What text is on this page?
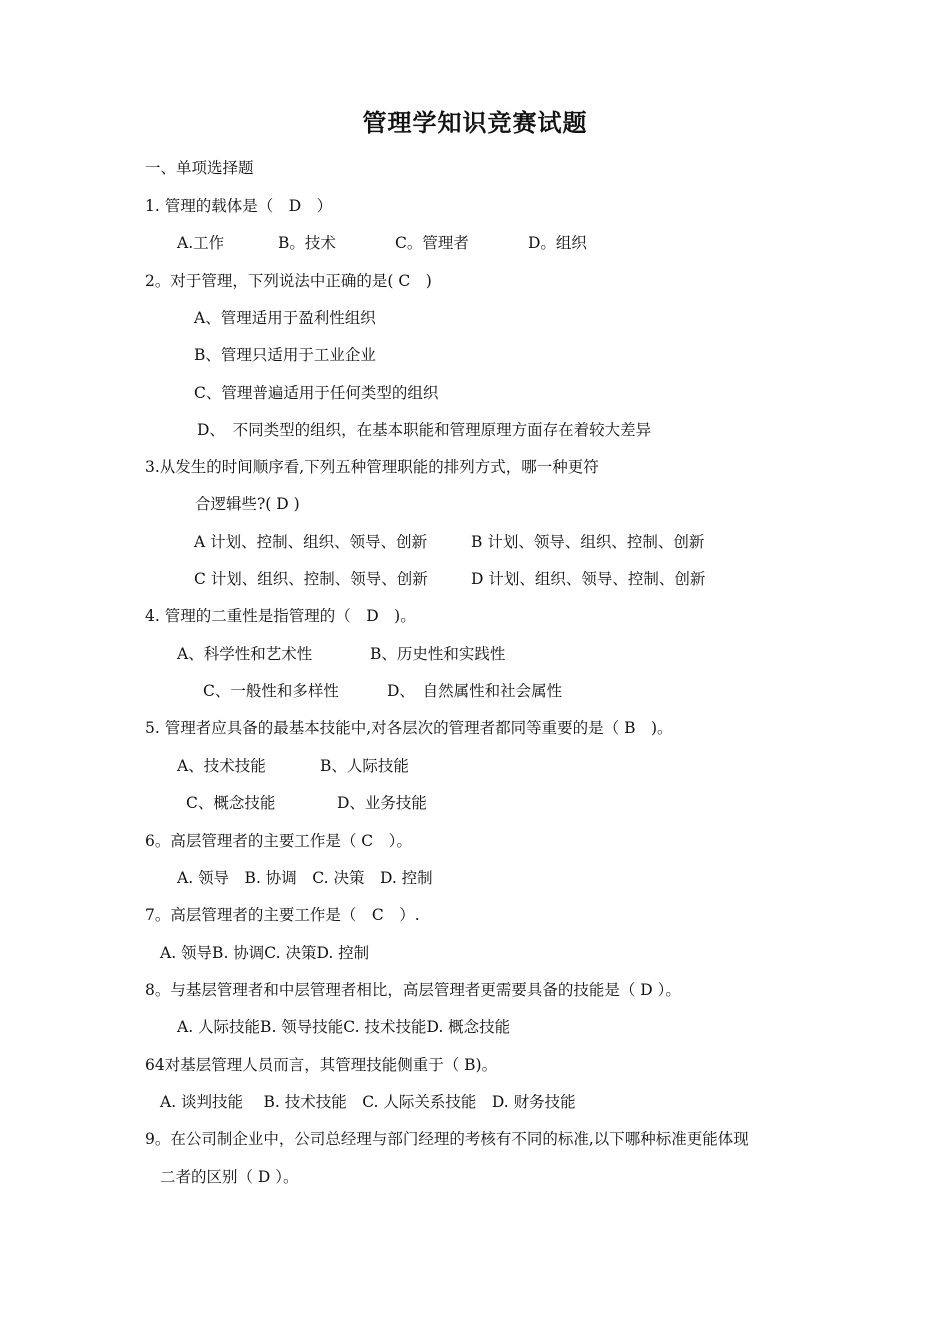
管理学知识竞赛试题
一、单项选择题
1. 管理的载体是（　D　）
A.工作	B。技术	C。管理者	D。组织
2。对于管理，下列说法中正确的是( C　)
A、管理适用于盈利性组织
B、管理只适用于工业企业
C、管理普遍适用于任何类型的组织
D、　不同类型的组织，在基本职能和管理原理方面存在着较大差异
3.从发生的时间顺序看,下列五种管理职能的排列方式，哪一种更符
合逻辑些?( D )
A 计划、控制、组织、领导、创新	B 计划、领导、组织、控制、创新
C 计划、组织、控制、领导、创新	D 计划、组织、领导、控制、创新
4. 管理的二重性是指管理的（　D　)。
A、科学性和艺术性	B、历史性和实践性
C、一般性和多样性	D、　自然属性和社会属性
5. 管理者应具备的最基本技能中,对各层次的管理者都同等重要的是（ B　)。
A、技术技能	B、人际技能
C、概念技能	D、业务技能
6。高层管理者的主要工作是（ C　）。
A. 领导　B. 协调　C. 决策　D. 控制
7。高层管理者的主要工作是（　C　）.
A. 领导B. 协调C. 决策D. 控制
8。与基层管理者和中层管理者相比，高层管理者更需要具备的技能是（ D ）。
A. 人际技能B. 领导技能C. 技术技能D. 概念技能
64对基层管理人员而言，其管理技能侧重于（ B)。
A. 谈判技能　 B. 技术技能　C. 人际关系技能　D. 财务技能
9。在公司制企业中，公司总经理与部门经理的考核有不同的标准,以下哪种标准更能体现
二者的区别（ D ）。
